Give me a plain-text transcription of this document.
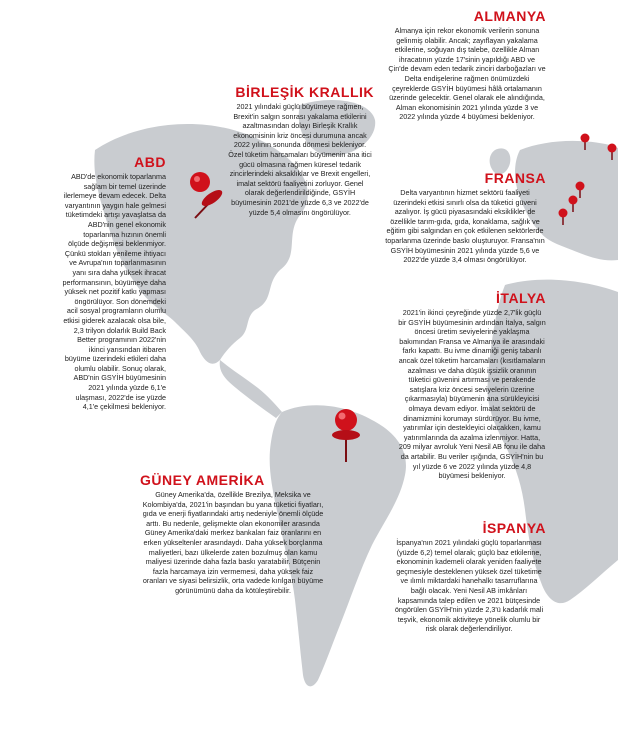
ALMANYA

Almanya için rekor ekonomik verilerin sonuna gelinmiş olabilir. Ancak; zayıflayan yakalama etkilerine, soğuyan dış talebe, özellikle Alman ihracatının yüzde 17'sinin yapıldığı ABD ve Çin'de devam eden tedarik zinciri darboğazları ve Delta endişelerine rağmen önümüzdeki çeyreklerde GSYİH büyümesi hâlâ ortalamanın üzerinde gelecektir. Genel olarak ele alındığında, Alman ekonomisinin 2021 yılında yüzde 3 ve 2022 yılında yüzde 4 büyümesi bekleniyor.

BİRLEŞİK KRALLIK

2021 yılındaki güçlü büyümeye rağmen, Brexit'in salgın sonrası yakalama etkilerini azaltmasından dolayı Birleşik Krallık ekonomisinin kriz öncesi durumuna ancak 2022 yılının sonunda dönmesi bekleniyor. Özel tüketim harcamaları büyümenin ana itici gücü olmasına rağmen küresel tedarik zincirlerindeki aksaklıklar ve Brexit engelleri, imalat sektörü faaliyetini zorluyor. Genel olarak değerlendirildiğinde, GSYİH büyümesinin 2021'de yüzde 6,3 ve 2022'de yüzde 5,4 olmasını öngörülüyor.

ABD

ABD'de ekonomik toparlanma sağlam bir temel üzerinde ilerlemeye devam edecek. Delta varyantının yaygın hale gelmesi tüketimdeki artışı yavaşlatsa da ABD'nin genel ekonomik toparlanma hızının önemli ölçüde değişmesi beklenmiyor. Çünkü stokları yenileme ihtiyacı ve Avrupa'nın toparlanmasının yanı sıra daha yüksek ihracat performansının, büyümeye daha yüksek net pozitif katkı yapması öngörülüyor. Son dönemdeki acil sosyal programların olumlu etkisi giderek azalacak olsa bile, 2,3 trilyon dolarlık Build Back Better programının 2022'nin ikinci yarısından itibaren büyüme üzerindeki etkileri daha olumlu olabilir. Sonuç olarak, ABD'nin GSYİH büyümesinin 2021 yılında yüzde 6,1'e ulaşması, 2022'de ise yüzde 4,1'e çekilmesi bekleniyor.

FRANSA

Delta varyantının hizmet sektörü faaliyeti üzerindeki etkisi sınırlı olsa da tüketici güveni azalıyor. İş gücü piyasasındaki eksiklikler de özellikle tarım-gıda, gıda, konaklama, sağlık ve eğitim gibi salgından en çok etkilenen sektörlerde toparlanma üzerinde baskı oluşturuyor. Fransa'nın GSYİH büyümesinin 2021 yılında yüzde 5,6 ve 2022'de yüzde 3,4 olması öngörülüyor.

İTALYA

2021'in ikinci çeyreğinde yüzde 2,7'lik güçlü bir GSYİH büyümesinin ardından İtalya, salgın öncesi üretim seviyelerine yaklaşma bakımından Fransa ve Almanya ile arasındaki farkı kapattı. Bu ivme dinamiği geniş tabanlı ancak özel tüketim harcamaları (kısıtlamaların azalması ve daha düşük işsizlik oranının tüketici güvenini artırması ve perakende satışlara kriz öncesi seviyelerin üzerine çıkarmasıyla) büyümenin ana sürükleyicisi olmaya devam ediyor. İmalat sektörü de dinamizmini korumayı sürdürüyor. Bu ivme, yatırımlar için destekleyici olacakken, kamu yatırımlarında da azalma izlenmiyor. Hatta, 209 milyar avroluk Yeni Nesil AB fonu ile daha da artabilir. Bu veriler ışığında, GSYİH'nin bu yıl yüzde 6 ve 2022 yılında yüzde 4,8 büyümesi bekleniyor.

GÜNEY AMERİKA

Güney Amerika'da, özellikle Brezilya, Meksika ve Kolombiya'da, 2021'in başından bu yana tüketici fiyatları, gıda ve enerji fiyatlarındaki artış nedeniyle önemli ölçüde arttı. Bu nedenle, gelişmekte olan ekonomiler arasında Güney Amerika'daki merkez bankaları faiz oranlarını en erken yükseltenler arasındaydı. Daha yüksek borçlanma maliyetleri, bazı ülkelerde zaten bozulmuş olan kamu maliyesi üzerinde daha fazla baskı yaratabilir. Bütçenin fazla harcamaya izin vermemesi, daha yüksek faiz oranları ve siyasi belirsizlik, orta vadede kırılgan büyüme görünümünü daha da kötüleştirebilir.

İSPANYA

İspanya'nın 2021 yılındaki güçlü toparlanması (yüzde 6,2) temel olarak; güçlü baz etkilerine, ekonominin kademeli olarak yeniden faaliyete geçmesiyle desteklenen yüksek özel tüketime ve ılımlı miktardaki hanehalkı tasarruflarına bağlı olacak. Yeni Nesil AB imkânları kapsamında talep edilen ve 2021 bütçesinde öngörülen GSYİH'nin yüzde 2,3'ü kadarlık mali teşvik, ekonomik aktiviteye yönelik olumlu bir risk olarak değerlendiriliyor.
